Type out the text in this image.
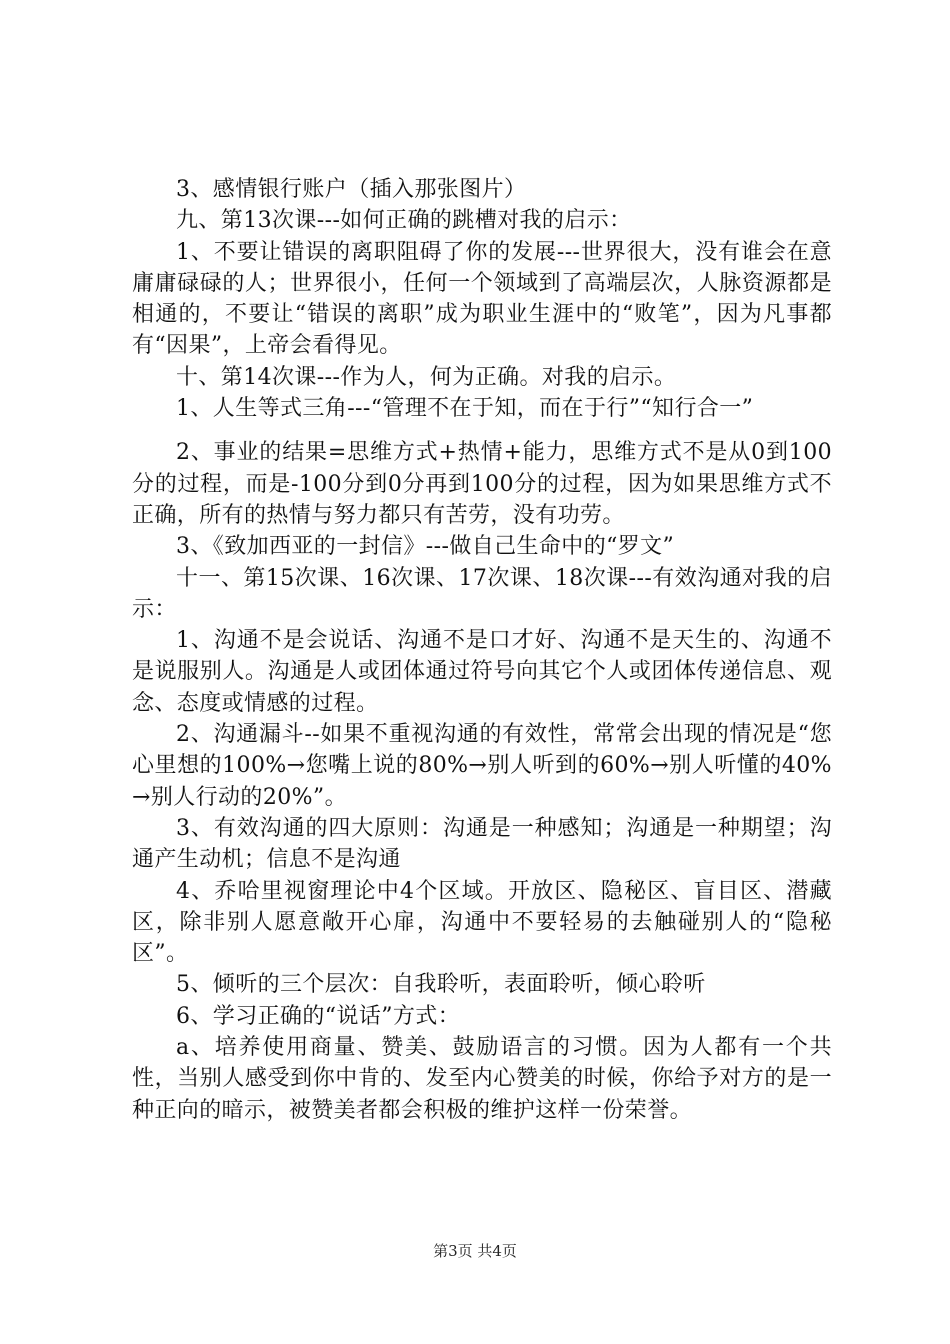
3、感情银行账户（插入那张图片）

九、第13次课---如何正确的跳槽对我的启示：

1、不要让错误的离职阻碍了你的发展---世界很大，没有谁会在意庸庸碌碌的人；世界很小，任何一个领域到了高端层次，人脉资源都是相通的，不要让“错误的离职”成为职业生涯中的“败笔”，因为凡事都有“因果”，上帝会看得见。

十、第14次课---作为人，何为正确。对我的启示。

1、人生等式三角---“管理不在于知，而在于行”“知行合一”

2、事业的结果=思维方式+热情+能力，思维方式不是从0到100分的过程，而是-100分到0分再到100分的过程，因为如果思维方式不正确，所有的热情与努力都只有苦劳，没有功劳。

3、《致加西亚的一封信》---做自己生命中的“罗文”

十一、第15次课、16次课、17次课、18次课---有效沟通对我的启示：

1、沟通不是会说话、沟通不是口才好、沟通不是天生的、沟通不是说服别人。沟通是人或团体通过符号向其它个人或团体传递信息、观念、态度或情感的过程。

2、沟通漏斗--如果不重视沟通的有效性，常常会出现的情况是“您心里想的100%→您嘴上说的80%→别人听到的60%→别人听懂的40%→别人行动的20%”。

3、有效沟通的四大原则：沟通是一种感知；沟通是一种期望；沟通产生动机；信息不是沟通

4、乔哈里视窗理论中4个区域。开放区、隐秘区、盲目区、潜藏区，除非别人愿意敞开心扉，沟通中不要轻易的去触碰别人的“隐秘区”。

5、倾听的三个层次：自我聆听，表面聆听，倾心聆听

6、学习正确的“说话”方式：

a、培养使用商量、赞美、鼓励语言的习惯。因为人都有一个共性，当别人感受到你中肯的、发至内心赞美的时候，你给予对方的是一种正向的暗示，被赞美者都会积极的维护这样一份荣誉。

第3页 共4页
